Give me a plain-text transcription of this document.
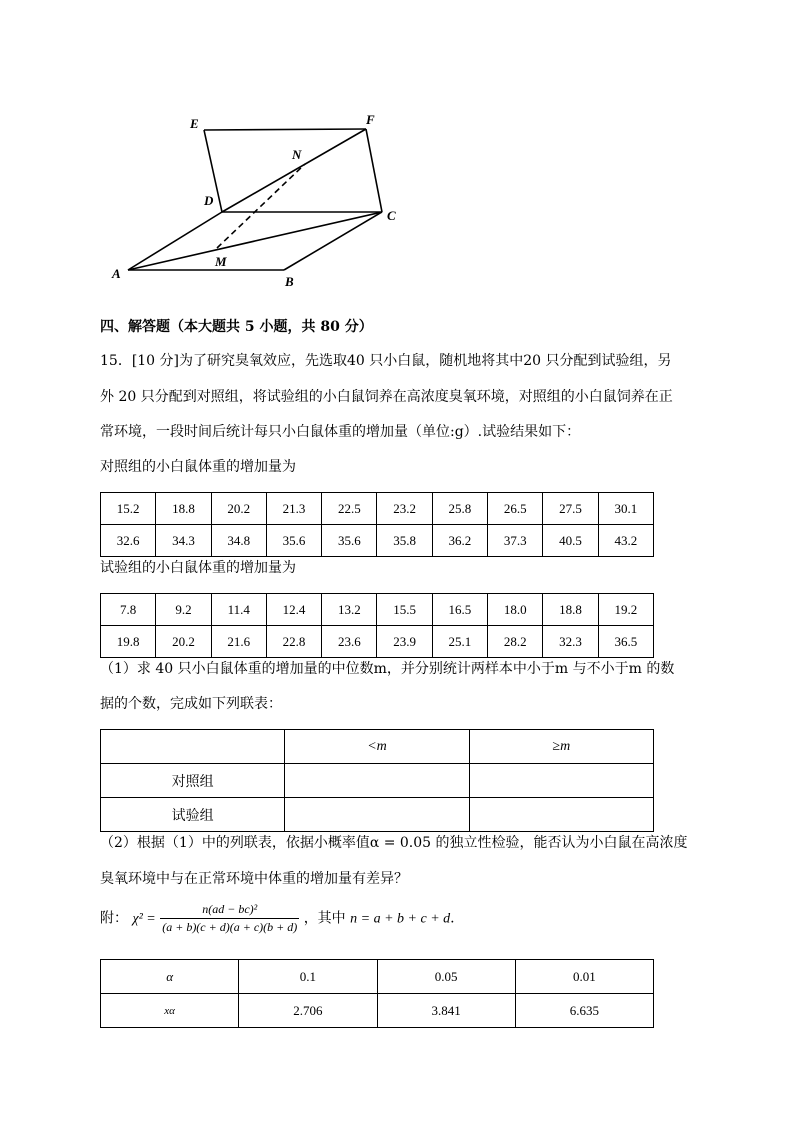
E	F
N
D
C
A
M
B
四、解答题（本大题共 5 小题，共 80 分）
15．[10 分]为了研究臭氧效应，先选取40 只小白鼠，随机地将其中20 只分配到试验组，另
外 20 只分配到对照组，将试验组的小白鼠饲养在高浓度臭氧环境，对照组的小白鼠饲养在正
常环境，一段时间后统计每只小白鼠体重的增加量（单位:g）.试验结果如下：
对照组的小白鼠体重的增加量为
15.2	18.8	20.2	21.3	22.5	23.2	25.8	26.5	27.5	30.1
32.6	34.3	34.8	35.6	35.6	35.8	36.2	37.3	40.5	43.2
试验组的小白鼠体重的增加量为
7.8	9.2	11.4	12.4	13.2	15.5	16.5	18.0	18.8	19.2
19.8	20.2	21.6	22.8	23.6	23.9	25.1	28.2	32.3	36.5
（1）求 40 只小白鼠体重的增加量的中位数m，并分别统计两样本中小于m 与不小于m 的数
据的个数，完成如下列联表：
	<m	≥m
对照组		
试验组		
（2）根据（1）中的列联表，依据小概率值α = 0.05 的独立性检验，能否认为小白鼠在高浓度
臭氧环境中与在正常环境中体重的增加量有差异？
附： $\chi^2 = \frac{\text{n(ad − bc)²}}{(a + b)(c + d)(a + c)(b + d)}$ ，其中 n = a + b + c + d.
α	0.1	0.05	0.01
xα	2.706	3.841	6.635
